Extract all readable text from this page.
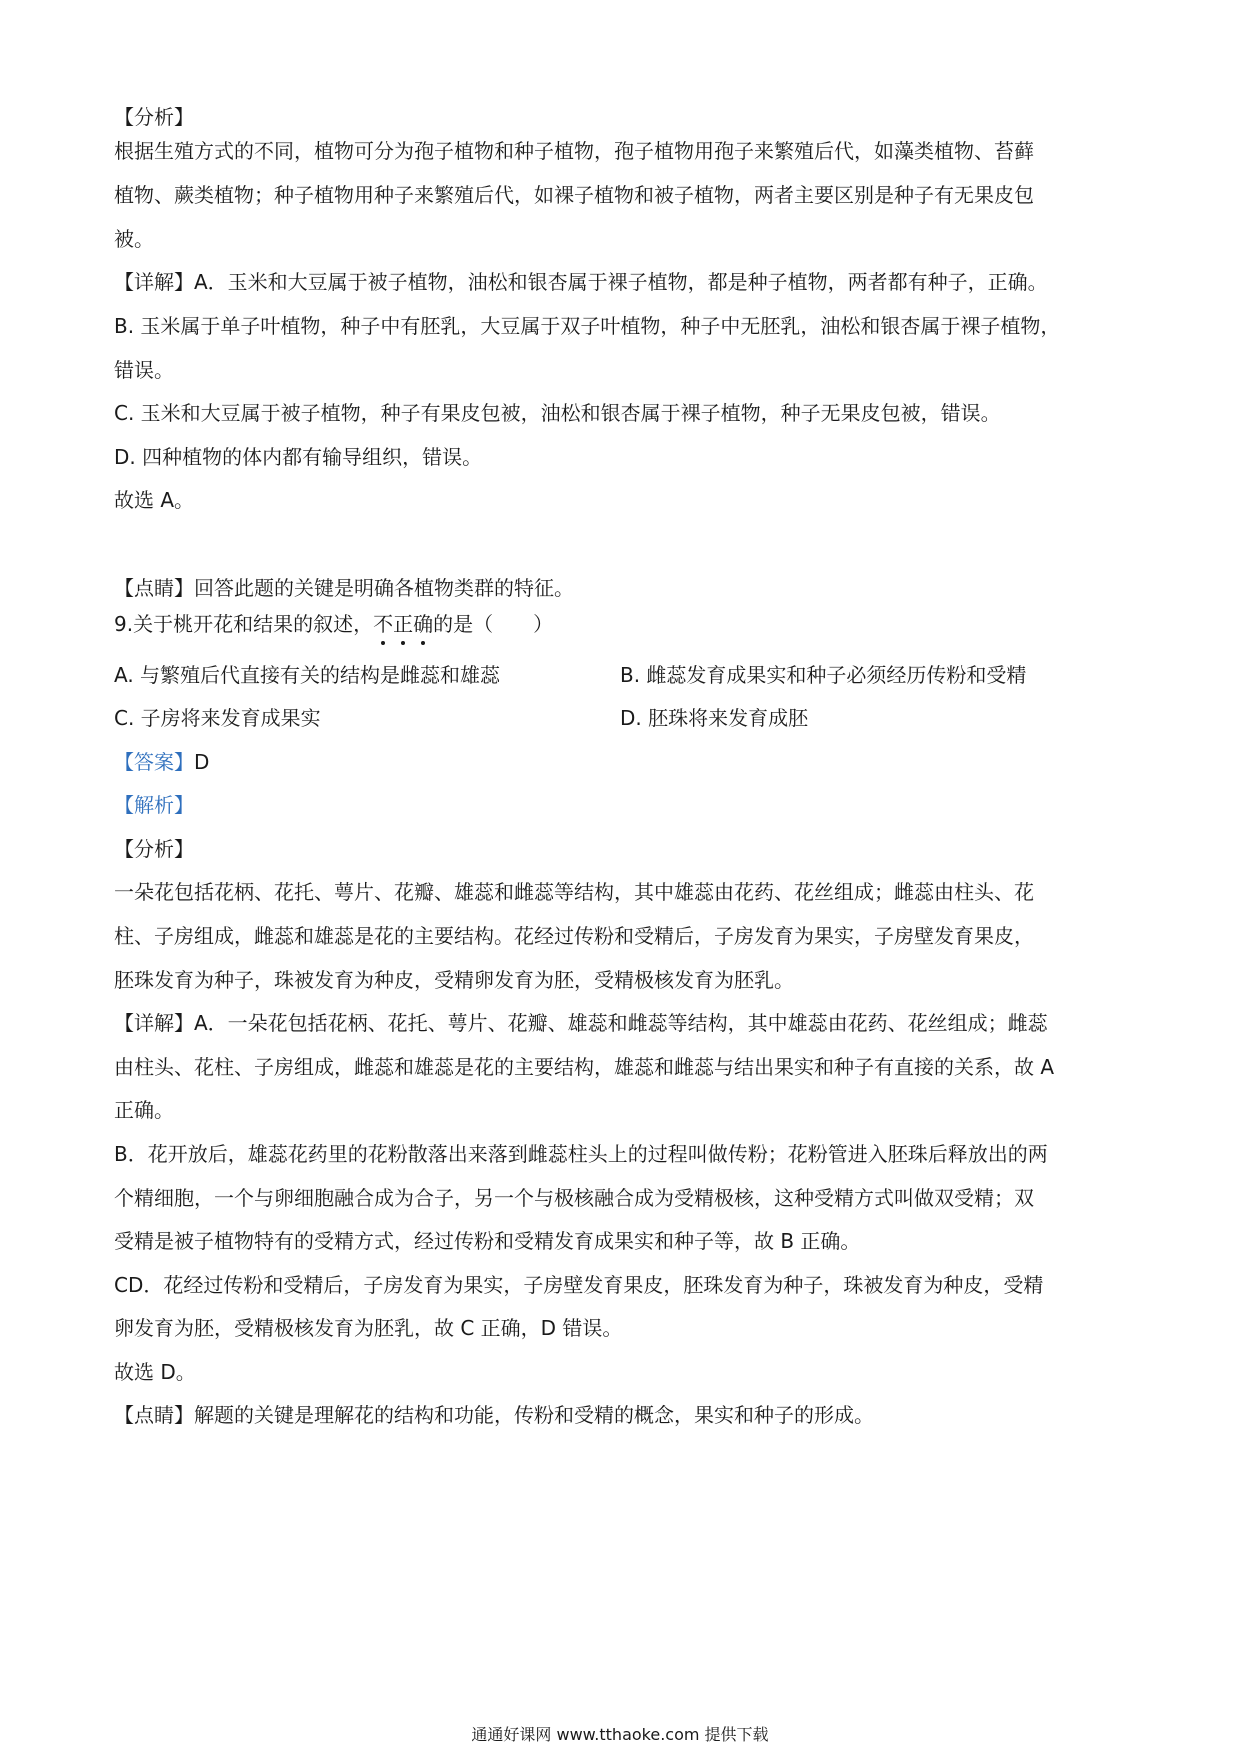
【分析】
根据生殖方式的不同，植物可分为孢子植物和种子植物，孢子植物用孢子来繁殖后代，如藻类植物、苔藓
植物、蕨类植物；种子植物用种子来繁殖后代，如裸子植物和被子植物，两者主要区别是种子有无果皮包
被。
【详解】A．玉米和大豆属于被子植物，油松和银杏属于裸子植物，都是种子植物，两者都有种子，正确。
B. 玉米属于单子叶植物，种子中有胚乳，大豆属于双子叶植物，种子中无胚乳，油松和银杏属于裸子植物，
错误。
C. 玉米和大豆属于被子植物，种子有果皮包被，油松和银杏属于裸子植物，种子无果皮包被，错误。
D. 四种植物的体内都有输导组织，错误。
故选 A。
【点睛】回答此题的关键是明确各植物类群的特征。
9.关于桃开花和结果的叙述，不正确的是（　　）
A. 与繁殖后代直接有关的结构是雌蕊和雄蕊	B. 雌蕊发育成果实和种子必须经历传粉和受精
C. 子房将来发育成果实	D. 胚珠将来发育成胚
【答案】D
【解析】
【分析】
一朵花包括花柄、花托、萼片、花瓣、雄蕊和雌蕊等结构，其中雄蕊由花药、花丝组成；雌蕊由柱头、花
柱、子房组成，雌蕊和雄蕊是花的主要结构。花经过传粉和受精后，子房发育为果实，子房壁发育果皮，
胚珠发育为种子，珠被发育为种皮，受精卵发育为胚，受精极核发育为胚乳。
【详解】A．一朵花包括花柄、花托、萼片、花瓣、雄蕊和雌蕊等结构，其中雄蕊由花药、花丝组成；雌蕊
由柱头、花柱、子房组成，雌蕊和雄蕊是花的主要结构，雄蕊和雌蕊与结出果实和种子有直接的关系，故 A
正确。
B．花开放后，雄蕊花药里的花粉散落出来落到雌蕊柱头上的过程叫做传粉；花粉管进入胚珠后释放出的两
个精细胞，一个与卵细胞融合成为合子，另一个与极核融合成为受精极核，这种受精方式叫做双受精；双
受精是被子植物特有的受精方式，经过传粉和受精发育成果实和种子等，故 B 正确。
CD．花经过传粉和受精后，子房发育为果实，子房壁发育果皮，胚珠发育为种子，珠被发育为种皮，受精
卵发育为胚，受精极核发育为胚乳，故 C 正确，D 错误。
故选 D。
【点睛】解题的关键是理解花的结构和功能，传粉和受精的概念，果实和种子的形成。
通通好课网 www.tthaoke.com 提供下载
